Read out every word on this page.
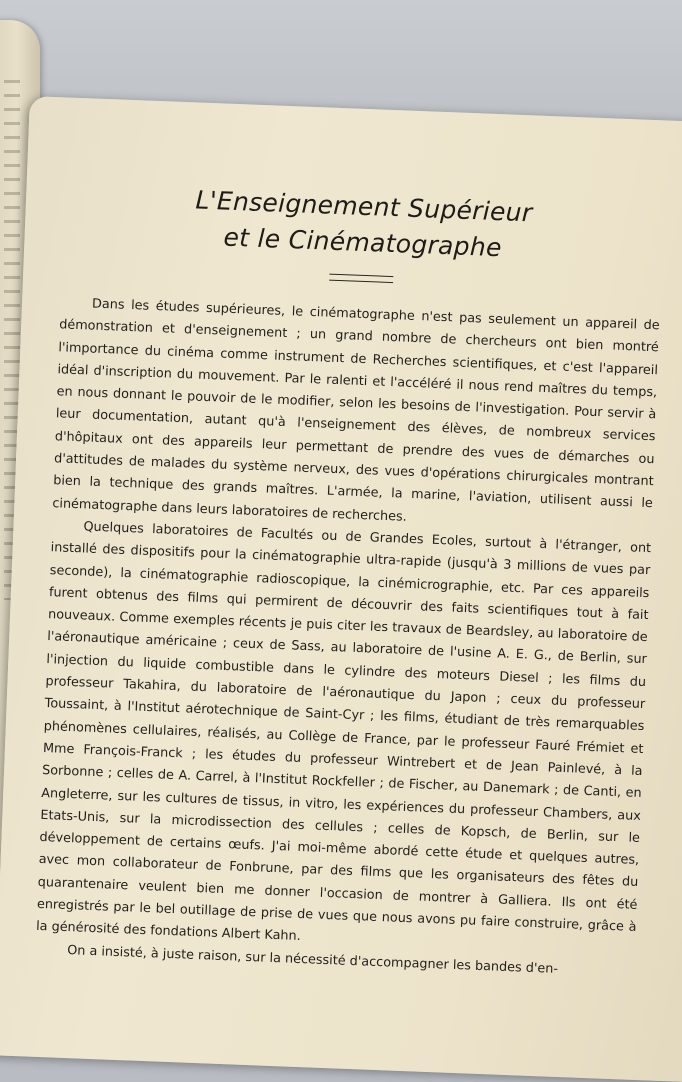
L'Enseignement Supérieur
et le Cinématographe

Dans les études supérieures, le cinématographe n'est pas seulement un appareil de démonstration et d'enseignement ; un grand nombre de chercheurs ont bien montré l'importance du cinéma comme instrument de Recherches scientifiques, et c'est l'appareil idéal d'inscription du mouvement. Par le ralenti et l'accéléré il nous rend maîtres du temps, en nous donnant le pouvoir de le modifier, selon les besoins de l'investigation. Pour servir à leur documentation, autant qu'à l'enseignement des élèves, de nombreux services d'hôpitaux ont des appareils leur permettant de prendre des vues de démarches ou d'attitudes de malades du système nerveux, des vues d'opérations chirurgicales montrant bien la technique des grands maîtres. L'armée, la marine, l'aviation, utilisent aussi le cinématographe dans leurs laboratoires de recherches.

Quelques laboratoires de Facultés ou de Grandes Ecoles, surtout à l'étranger, ont installé des dispositifs pour la cinématographie ultra-rapide (jusqu'à 3 millions de vues par seconde), la cinématographie radioscopique, la cinémicrographie, etc. Par ces appareils furent obtenus des films qui permirent de découvrir des faits scientifiques tout à fait nouveaux. Comme exemples récents je puis citer les travaux de Beardsley, au laboratoire de l'aéronautique américaine ; ceux de Sass, au laboratoire de l'usine A. E. G., de Berlin, sur l'injection du liquide combustible dans le cylindre des moteurs Diesel ; les films du professeur Takahira, du laboratoire de l'aéronautique du Japon ; ceux du professeur Toussaint, à l'Institut aérotechnique de Saint-Cyr ; les films, étudiant de très remarquables phénomènes cellulaires, réalisés, au Collège de France, par le professeur Fauré Frémiet et Mme François-Franck ; les études du professeur Wintrebert et de Jean Painlevé, à la Sorbonne ; celles de A. Carrel, à l'Institut Rockfeller ; de Fischer, au Danemark ; de Canti, en Angleterre, sur les cultures de tissus, in vitro, les expériences du professeur Chambers, aux Etats-Unis, sur la microdissection des cellules ; celles de Kopsch, de Berlin, sur le développement de certains œufs. J'ai moi-même abordé cette étude et quelques autres, avec mon collaborateur de Fonbrune, par des films que les organisateurs des fêtes du quarantenaire veulent bien me donner l'occasion de montrer à Galliera. Ils ont été enregistrés par le bel outillage de prise de vues que nous avons pu faire construire, grâce à la générosité des fondations Albert Kahn.

On a insisté, à juste raison, sur la nécessité d'accompagner les bandes d'en-
